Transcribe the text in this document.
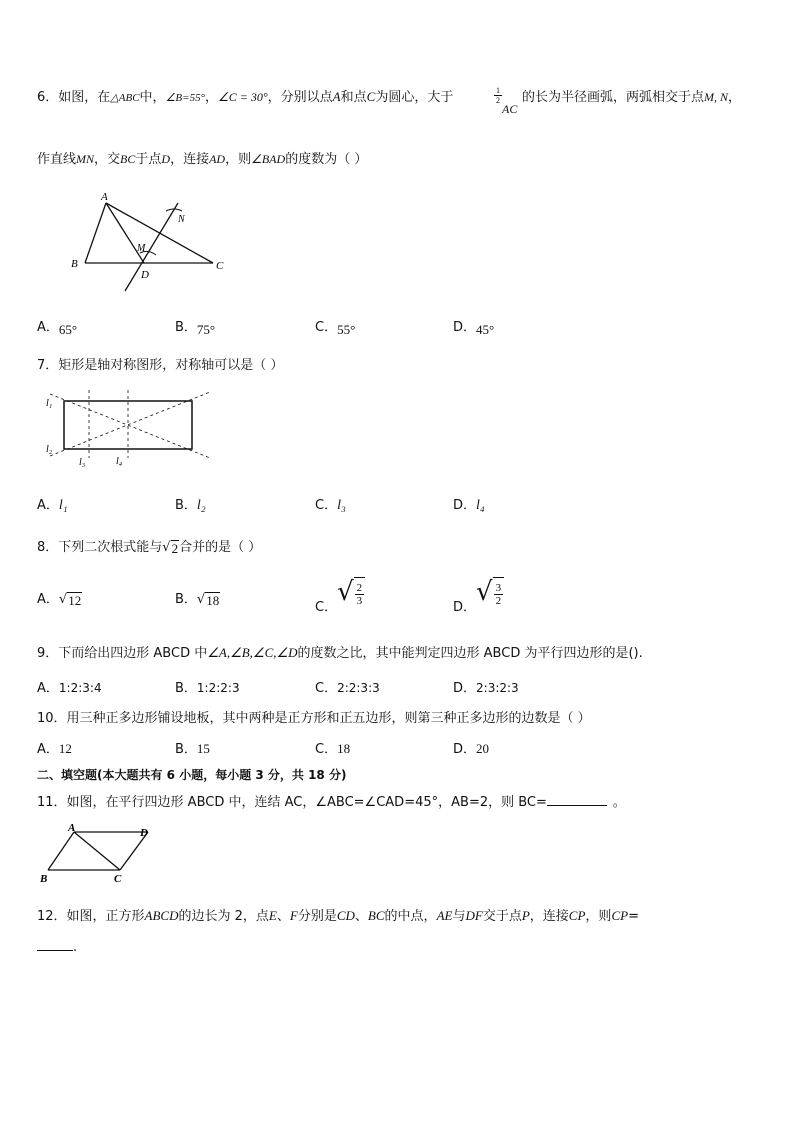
6．如图，在△ABC中，∠B=55°，∠C = 30°，分别以点A和点C为圆心，大于	$\frac{1}{2}$
AC
的长为半径画弧，两弧相交于点M, N，
作直线MN，交BC于点D，连接AD，则∠BAD的度数为（ ）
A
B	C
D
M
N
A．65°	B．75°	C．55°	D．45°
7．矩形是轴对称图形，对称轴可以是（ ）
l₁
l₂
l₃	l₄
A．l₁	B．l₂	C．l₃	D．l₄
8．下列二次根式能与 √ 2 合并的是（ ）
A． √ 12	B． √ 18	C．
√ $\frac{2}{3}$
D．
√ $\frac{3}{2}$
9．下而给出四边形 ABCD 中∠A,∠B,∠C,∠D的度数之比，其中能判定四边形 ABCD 为平行四边形的是().
A．1:2:3:4	B．1:2:2:3	C．2:2:3:3	D．2:3:2:3
10．用三种正多边形铺设地板，其中两种是正方形和正五边形，则第三种正多边形的边数是（ ）
A．12	B．15	C．18	D．20
二、填空题(本大题共有 6 小题，每小题 3 分，共 18 分)
11．如图，在平行四边形 ABCD 中，连结 AC，∠ABC=∠CAD=45°，AB=2，则 BC=	。
A	D
B	C
12．如图，正方形ABCD的边长为 2，点E、F分别是CD、BC的中点，AE与DF交于点P，连接CP，则CP=
.
